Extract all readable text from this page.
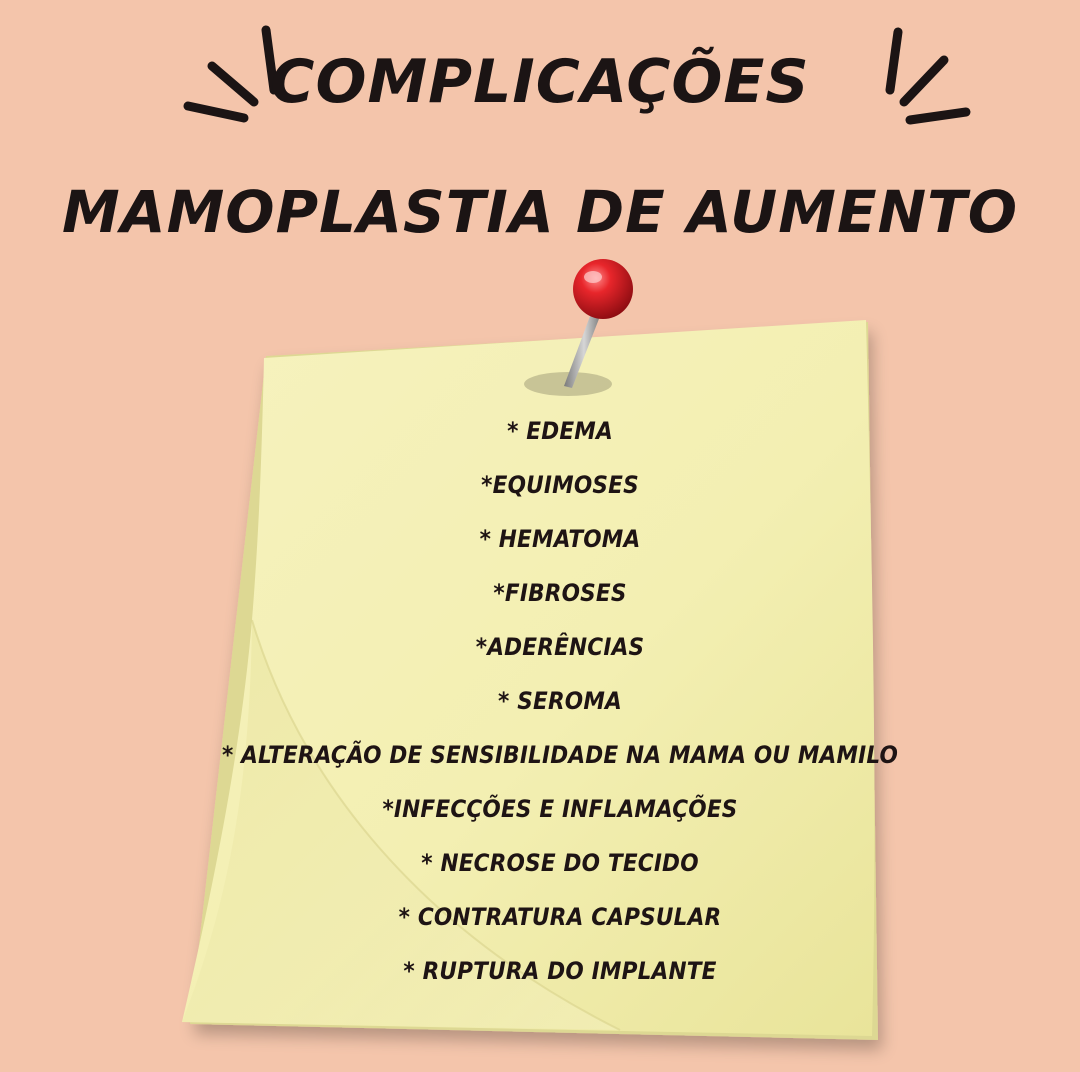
COMPLICAÇÕES
MAMOPLASTIA DE AUMENTO
* EDEMA
*EQUIMOSES
* HEMATOMA
*FIBROSES
*ADERÊNCIAS
* SEROMA
* ALTERAÇÃO DE SENSIBILIDADE NA MAMA OU MAMILO
*INFECÇÕES E INFLAMAÇÕES
* NECROSE DO TECIDO
* CONTRATURA CAPSULAR
* RUPTURA DO IMPLANTE
